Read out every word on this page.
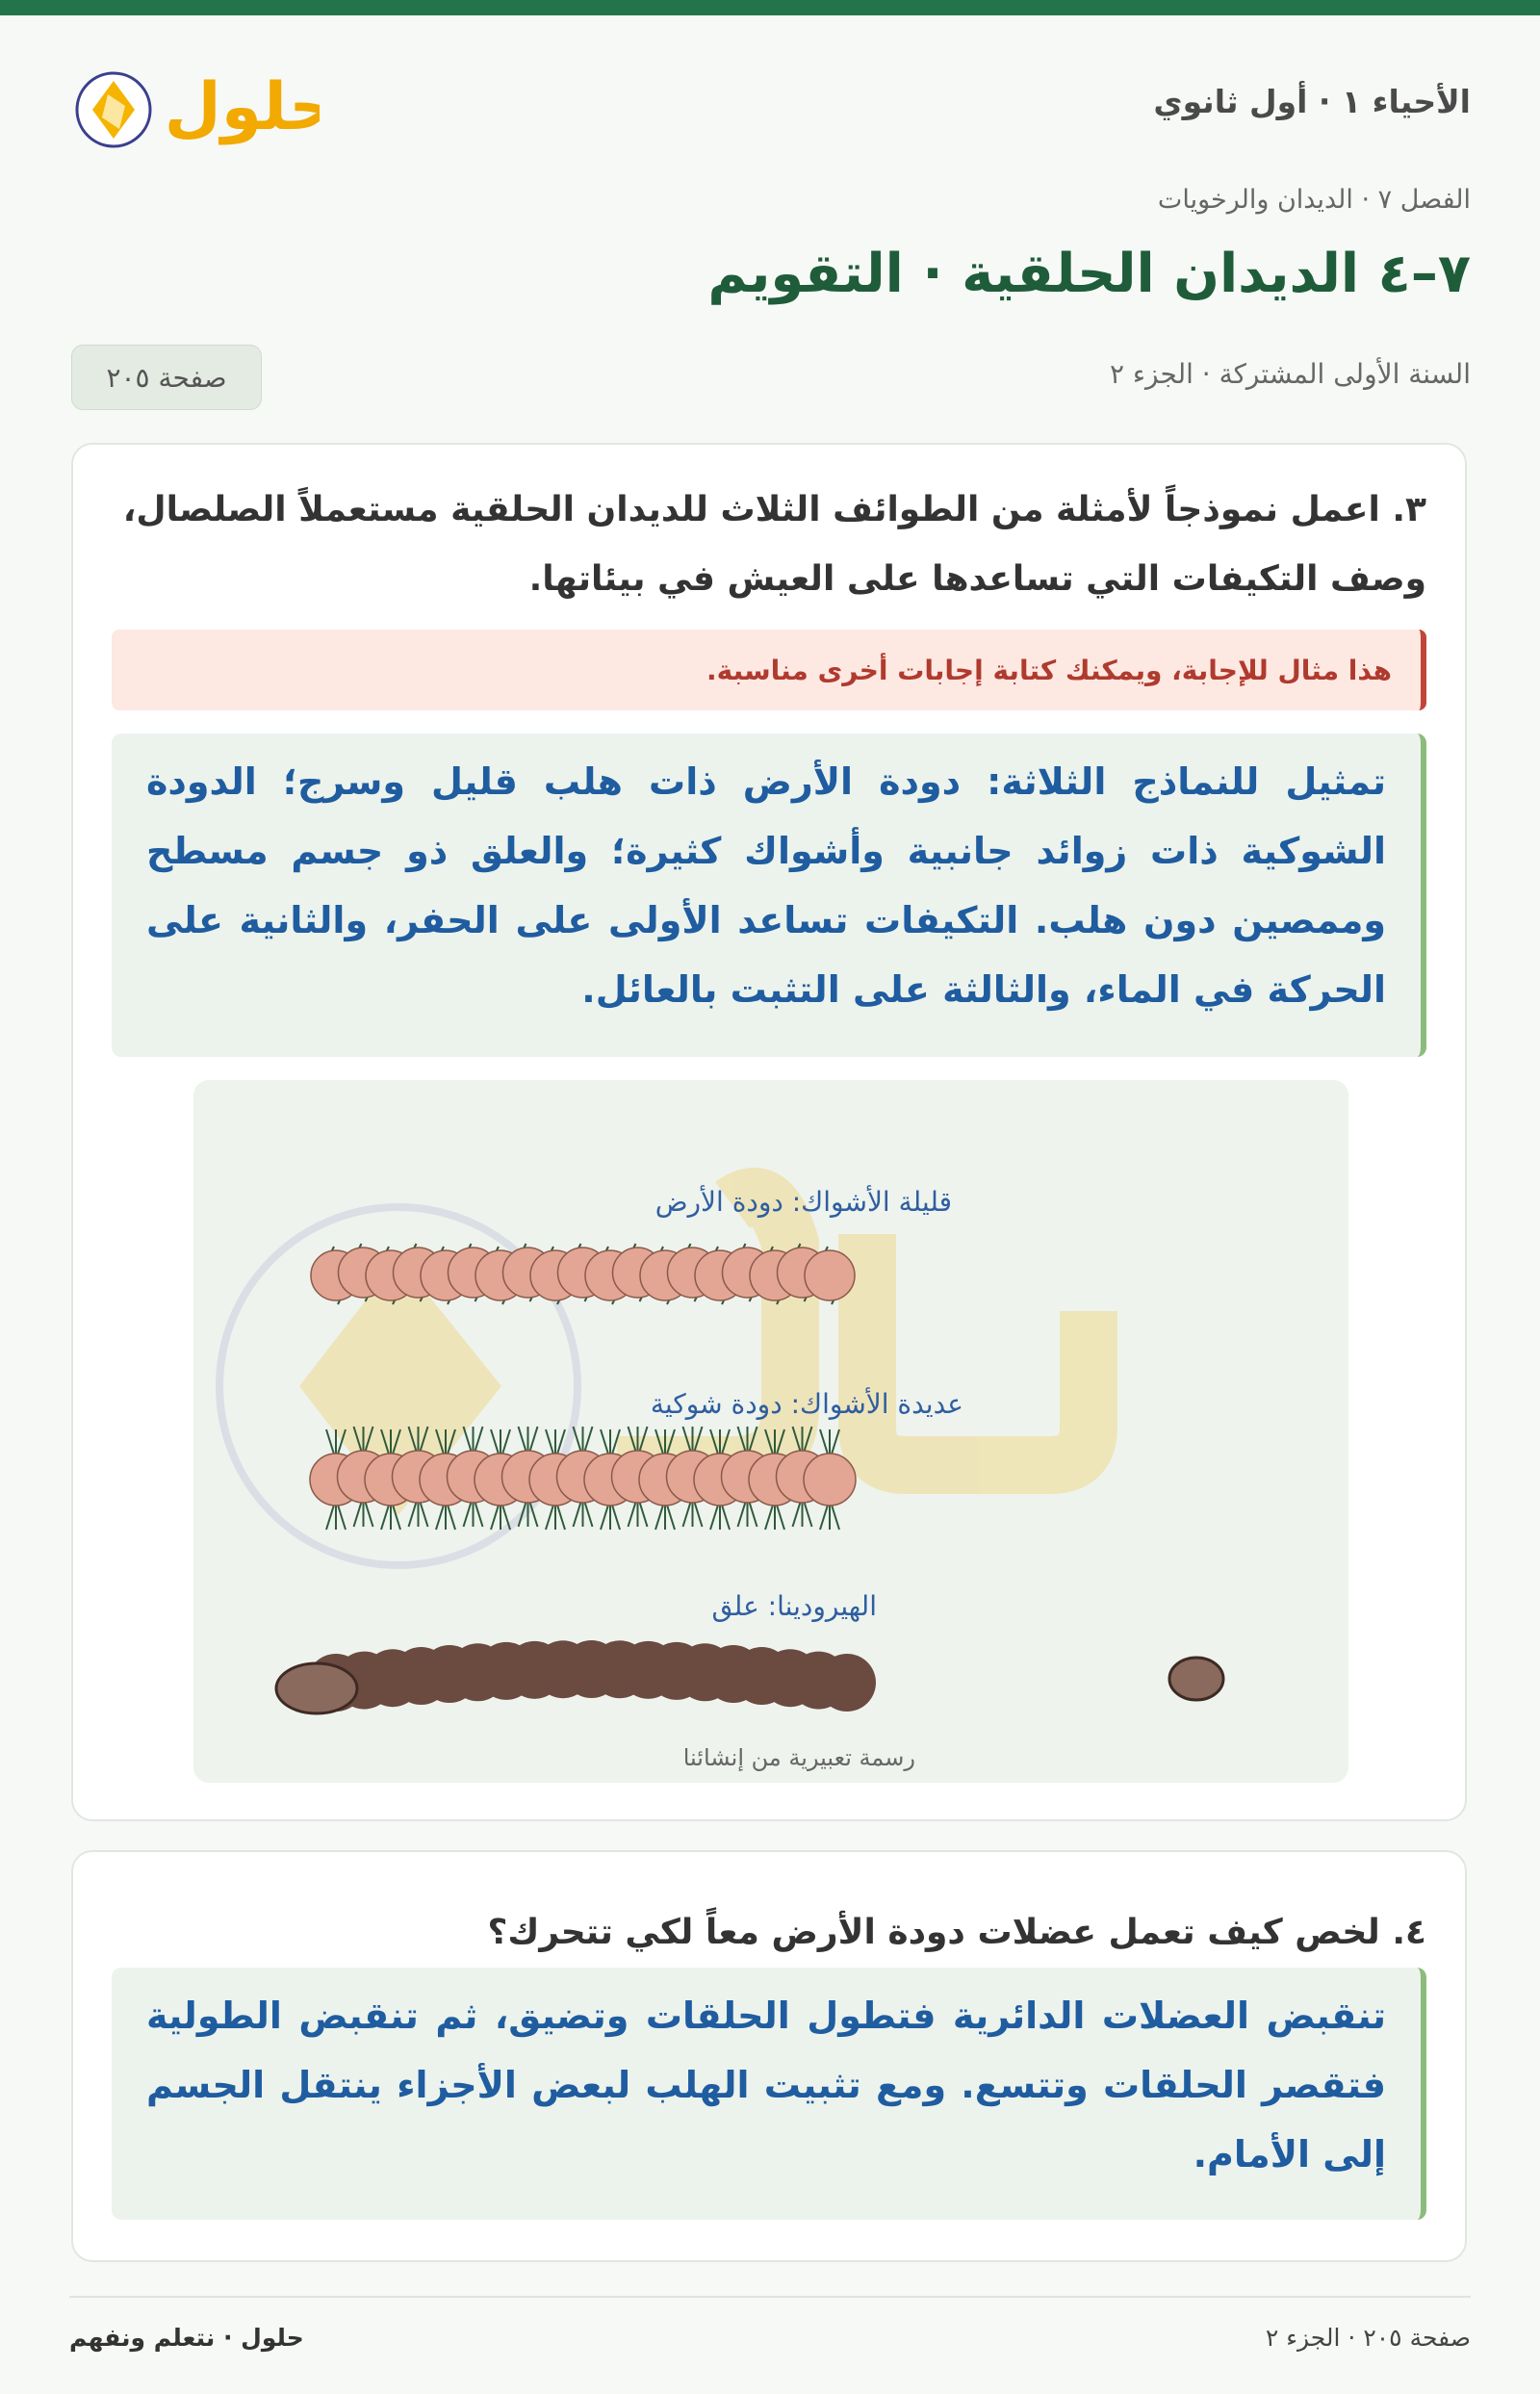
الأحياء ١ · أول ثانوي
حلول
الفصل ٧ · الديدان والرخويات
٧–٤ الديدان الحلقية · التقويم
السنة الأولى المشتركة · الجزء ٢
صفحة ٢٠٥

٣. اعمل نموذجاً لأمثلة من الطوائف الثلاث للديدان الحلقية مستعملاً الصلصال، وصف التكيفات التي تساعدها على العيش في بيئاتها.

هذا مثال للإجابة، ويمكنك كتابة إجابات أخرى مناسبة.
تمثيل للنماذج الثلاثة: دودة الأرض ذات هلب قليل وسرج؛ الدودة الشوكية ذات زوائد جانبية وأشواك كثيرة؛ والعلق ذو جسم مسطح وممصين دون هلب. التكيفات تساعد الأولى على الحفر، والثانية على الحركة في الماء، والثالثة على التثبت بالعائل.
قليلة الأشواك: دودة الأرض
عديدة الأشواك: دودة شوكية
الهيرودينا: علق
رسمة تعبيرية من إنشائنا

٤. لخص كيف تعمل عضلات دودة الأرض معاً لكي تتحرك؟

تنقبض العضلات الدائرية فتطول الحلقات وتضيق، ثم تنقبض الطولية فتقصر الحلقات وتتسع. ومع تثبيت الهلب لبعض الأجزاء ينتقل الجسم إلى الأمام.
صفحة ٢٠٥ · الجزء ٢
حلول · نتعلم ونفهم
